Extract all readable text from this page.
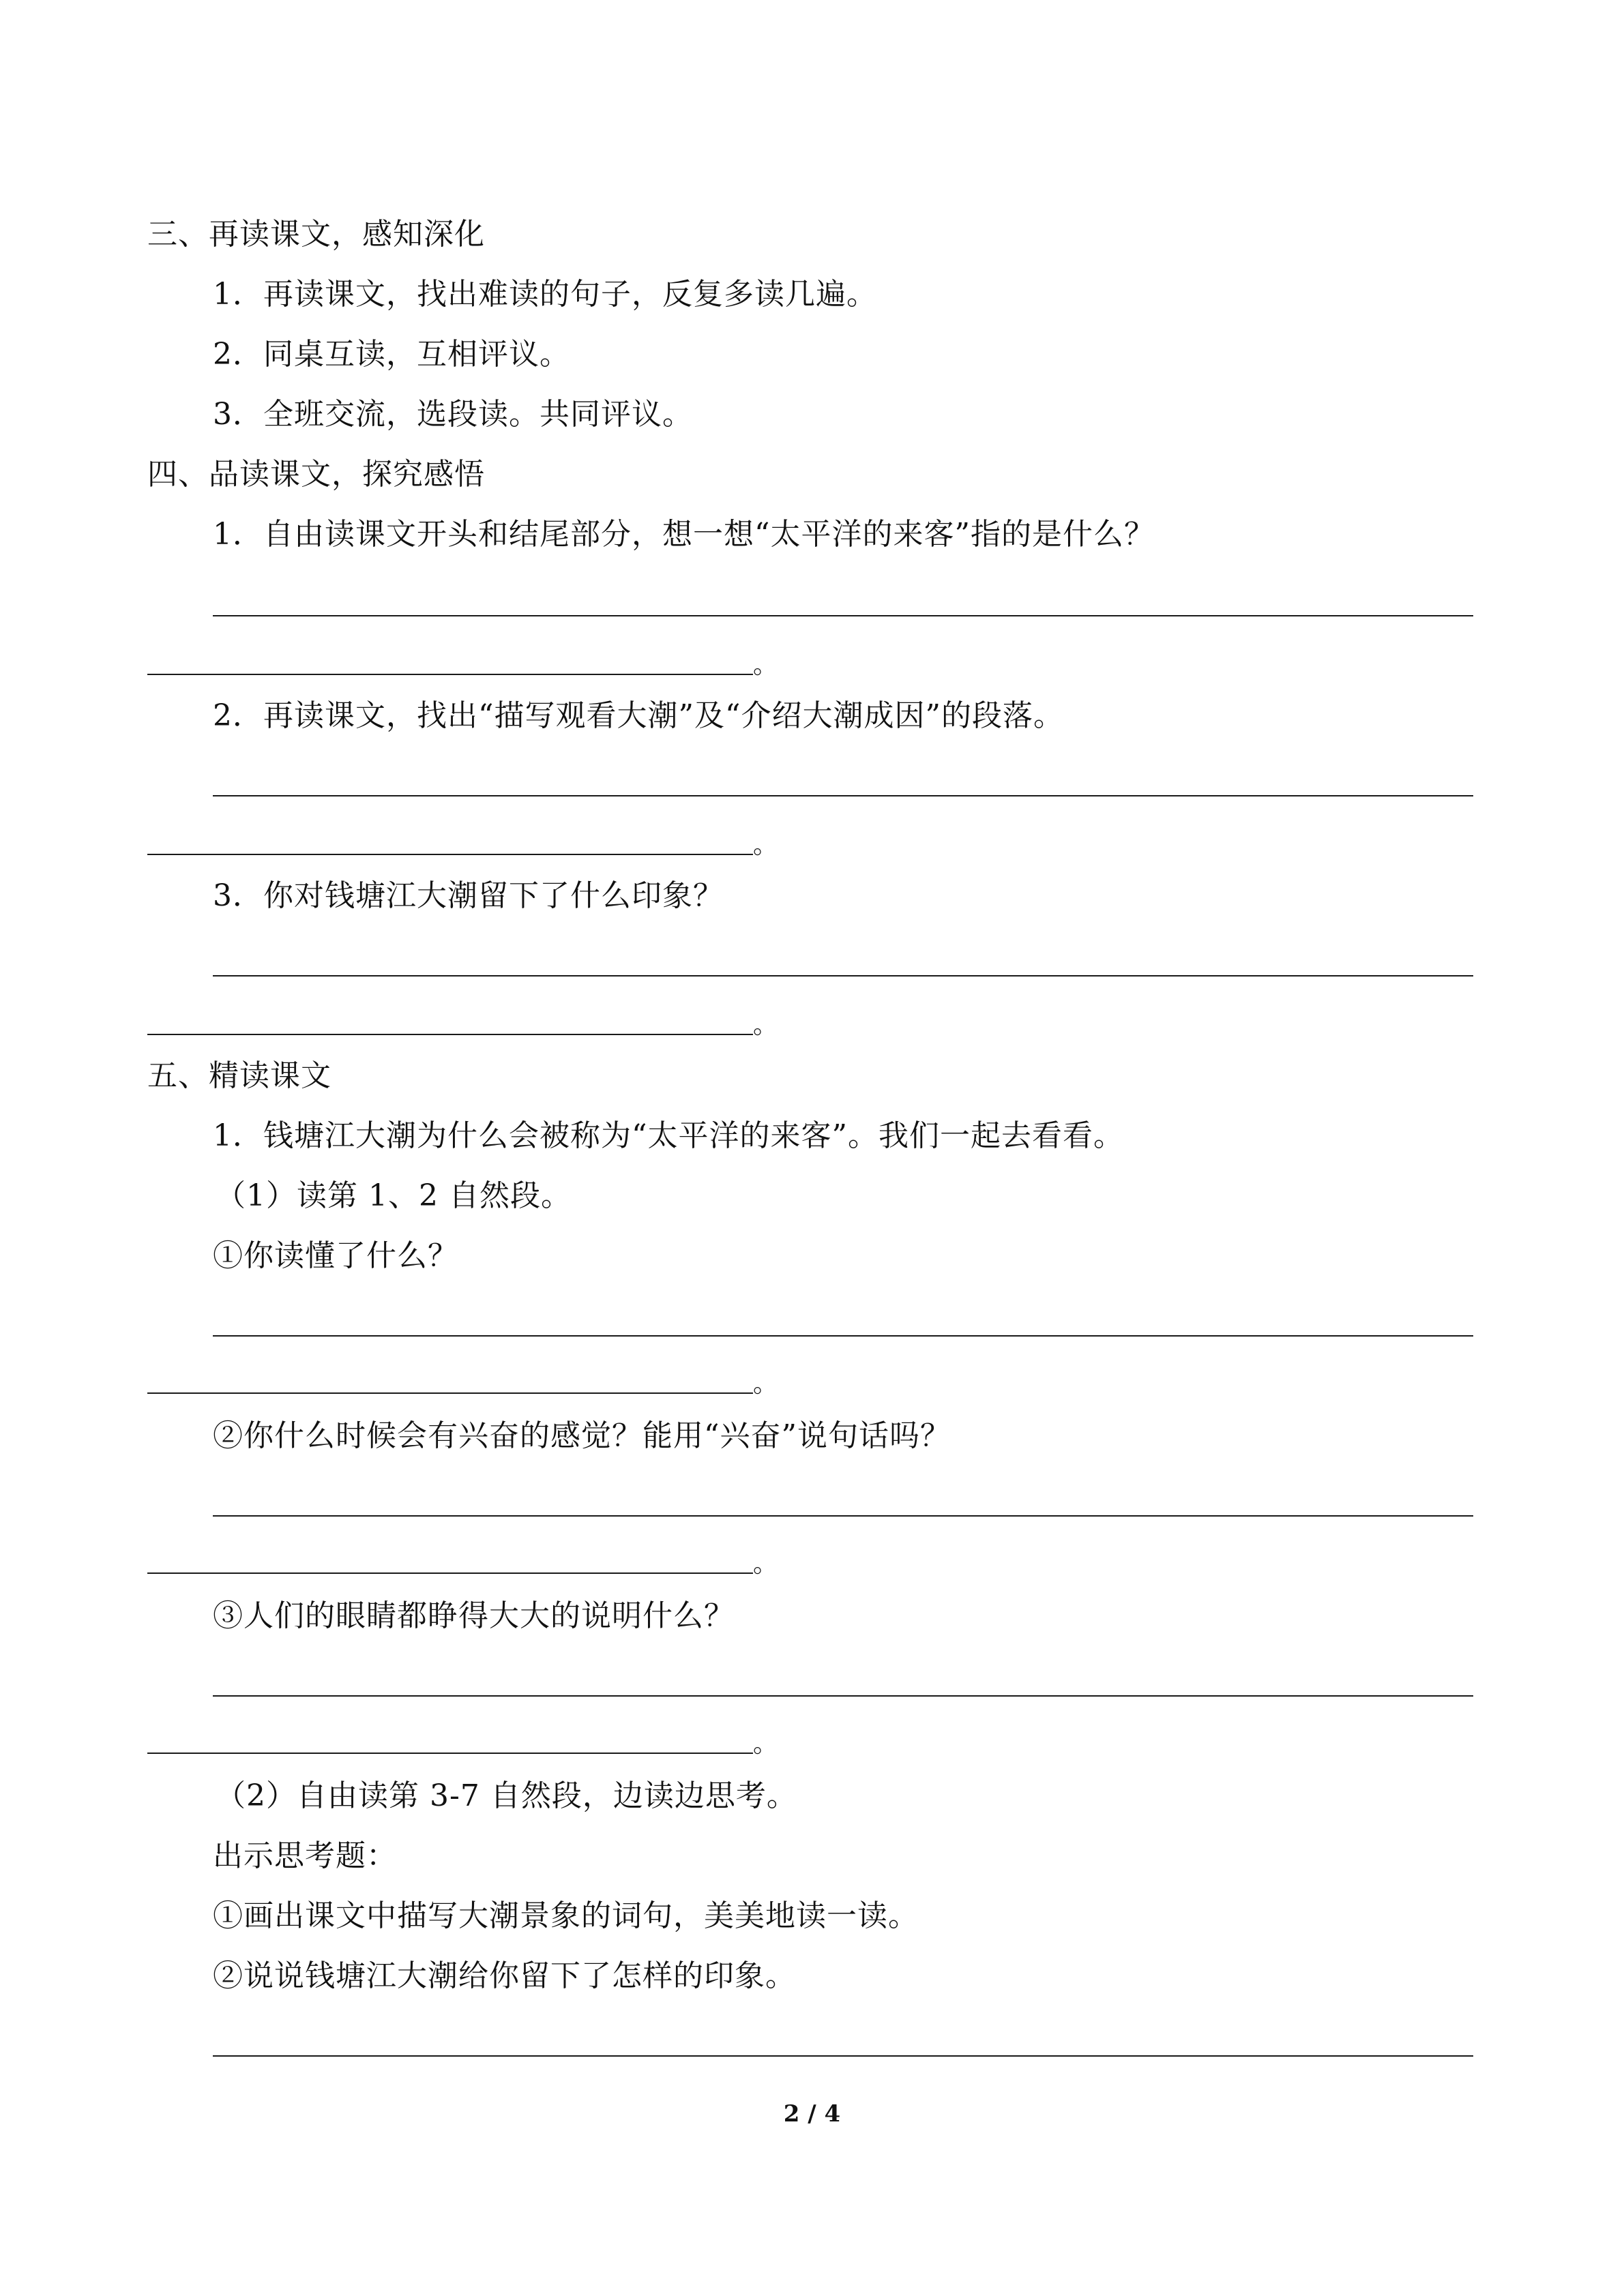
三、再读课文，感知深化
1．再读课文，找出难读的句子，反复多读几遍。
2．同桌互读，互相评议。
3．全班交流，选段读。共同评议。
四、品读课文，探究感悟
1．自由读课文开头和结尾部分，想一想“太平洋的来客”指的是什么？
。
2．再读课文，找出“描写观看大潮”及“介绍大潮成因”的段落。
。
3．你对钱塘江大潮留下了什么印象？
。
五、精读课文
1．钱塘江大潮为什么会被称为“太平洋的来客”。我们一起去看看。
（1）读第 1、2 自然段。
①你读懂了什么？
。
②你什么时候会有兴奋的感觉？能用“兴奋”说句话吗？
。
③人们的眼睛都睁得大大的说明什么？
。
（2）自由读第 3-7 自然段，边读边思考。
出示思考题：
①画出课文中描写大潮景象的词句，美美地读一读。
②说说钱塘江大潮给你留下了怎样的印象。
2 / 4
